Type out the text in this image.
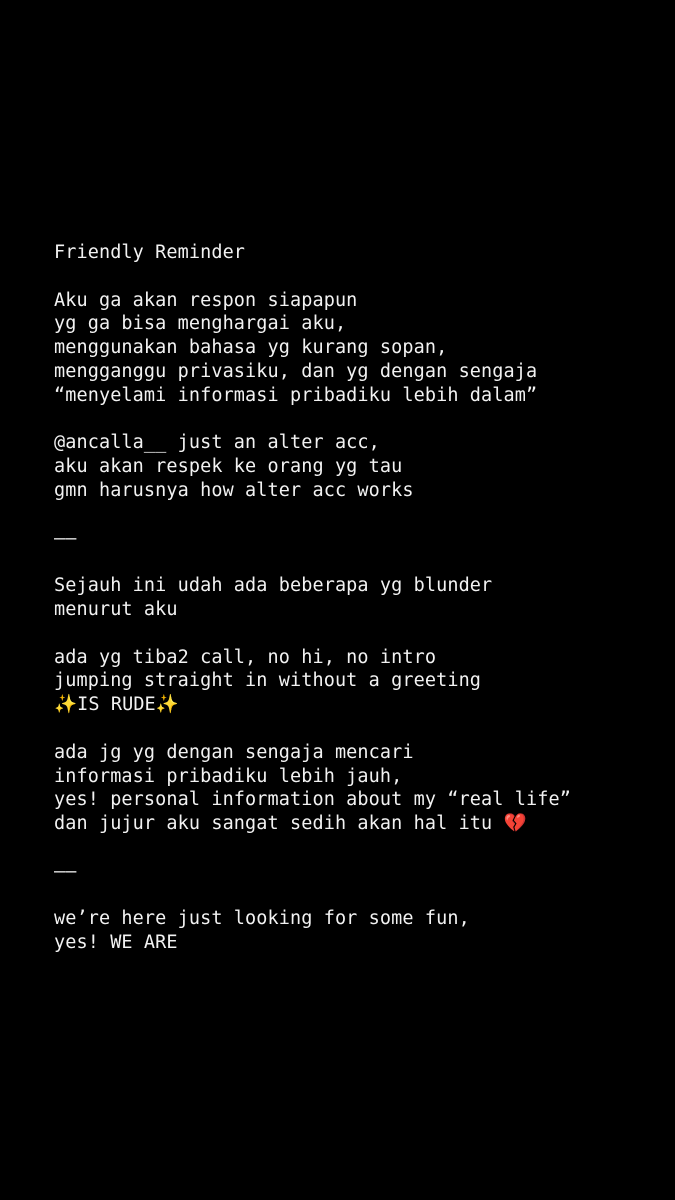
Friendly Reminder
Aku ga akan respon siapapun
yg ga bisa menghargai aku,
menggunakan bahasa yg kurang sopan,
mengganggu privasiku, dan yg dengan sengaja
“menyelami informasi pribadiku lebih dalam”
@ancalla__ just an alter acc,
aku akan respek ke orang yg tau
gmn harusnya how alter acc works
——
Sejauh ini udah ada beberapa yg blunder
menurut aku
ada yg tiba2 call, no hi, no intro
jumping straight in without a greeting
✨IS RUDE✨
ada jg yg dengan sengaja mencari
informasi pribadiku lebih jauh,
yes! personal information about my “real life”
dan jujur aku sangat sedih akan hal itu 💔
——
we’re here just looking for some fun,
yes! WE ARE
